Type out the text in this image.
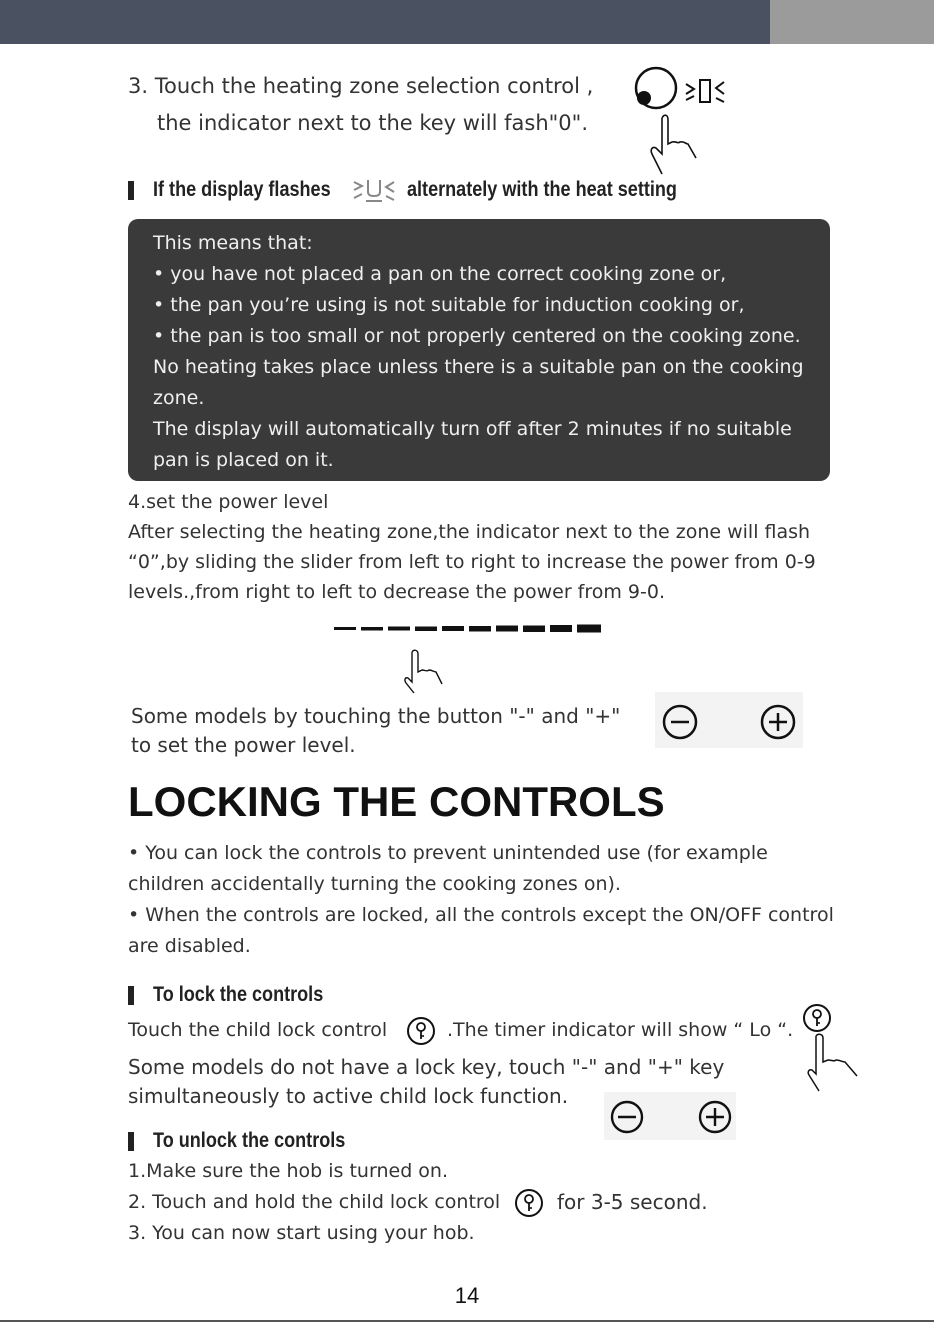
3. Touch the heating zone selection control ,
the indicator next to the key will fash"0".
If the display flashes	alternately with the heat setting
This means that:
• you have not placed a pan on the correct cooking zone or,
• the pan you’re using is not suitable for induction cooking or,
• the pan is too small or not properly centered on the cooking zone.
No heating takes place unless there is a suitable pan on the cooking
zone.
The display will automatically turn off after 2 minutes if no suitable
pan is placed on it.
4.set the power level
After selecting the heating zone,the indicator next to the zone will flash
“0”,by sliding the slider from left to right to increase the power from 0-9
levels.,from right to left to decrease the power from 9-0.
Some models by touching the button "-" and "+"
to set the power level.
LOCKING THE CONTROLS
• You can lock the controls to prevent unintended use (for example
children accidentally turning the cooking zones on).
• When the controls are locked, all the controls except the ON/OFF control
are disabled.
To lock the controls
Touch the child lock control	.The timer indicator will show “ Lo “.
Some models do not have a lock key, touch "-" and "+" key
simultaneously to active child lock function.
To unlock the controls
1.Make sure the hob is turned on.
2. Touch and hold the child lock control	for 3-5 second.
3. You can now start using your hob.
14
